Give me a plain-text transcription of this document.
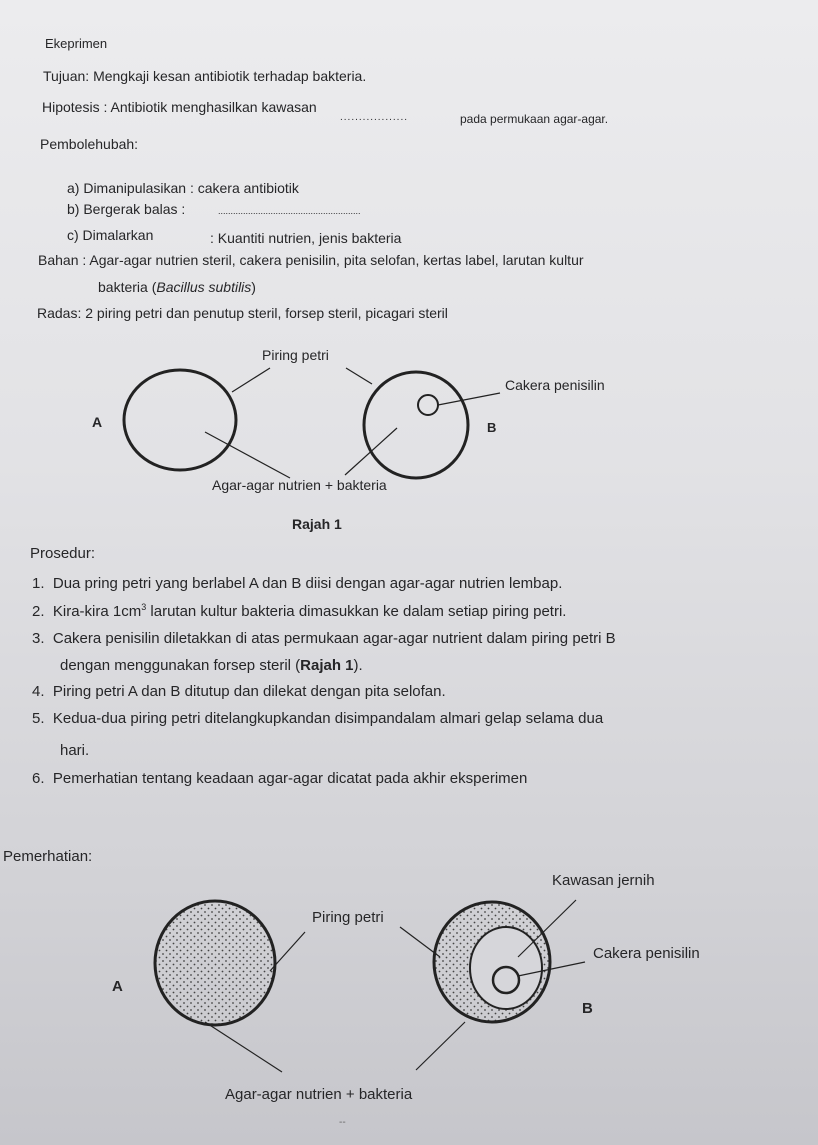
Ekeprimen
Tujuan: Mengkaji kesan antibiotik terhadap bakteria.
Hipotesis : Antibiotik menghasilkan kawasan
..................	pada permukaan agar-agar.
Pembolehubah:
a) Dimanipulasikan : cakera antibiotik
b) Bergerak balas :	.........................................................
c) Dimalarkan	: Kuantiti nutrien, jenis bakteria
Bahan : Agar-agar nutrien steril, cakera penisilin, pita selofan, kertas label, larutan kultur
bakteria (Bacillus subtilis)
Radas: 2 piring petri dan penutup steril, forsep steril, picagari steril
Piring petri
Cakera penisilin
A	B
Agar-agar nutrien + bakteria
Rajah 1
Prosedur:
1. Dua pring petri yang berlabel A dan B diisi dengan agar-agar nutrien lembap.
2. Kira-kira $1cm^3$ larutan kultur bakteria dimasukkan ke dalam setiap piring petri.
3. Cakera penisilin diletakkan di atas permukaan agar-agar nutrient dalam piring petri B
dengan menggunakan forsep steril (Rajah 1).
4. Piring petri A dan B ditutup dan dilekat dengan pita selofan.
5. Kedua-dua piring petri ditelangkupkandan disimpandalam almari gelap selama dua
hari.
6. Pemerhatian tentang keadaan agar-agar dicatat pada akhir eksperimen
Pemerhatian:
Kawasan jernih
Piring petri
Cakera penisilin
A
B
Agar-agar nutrien + bakteria
--
